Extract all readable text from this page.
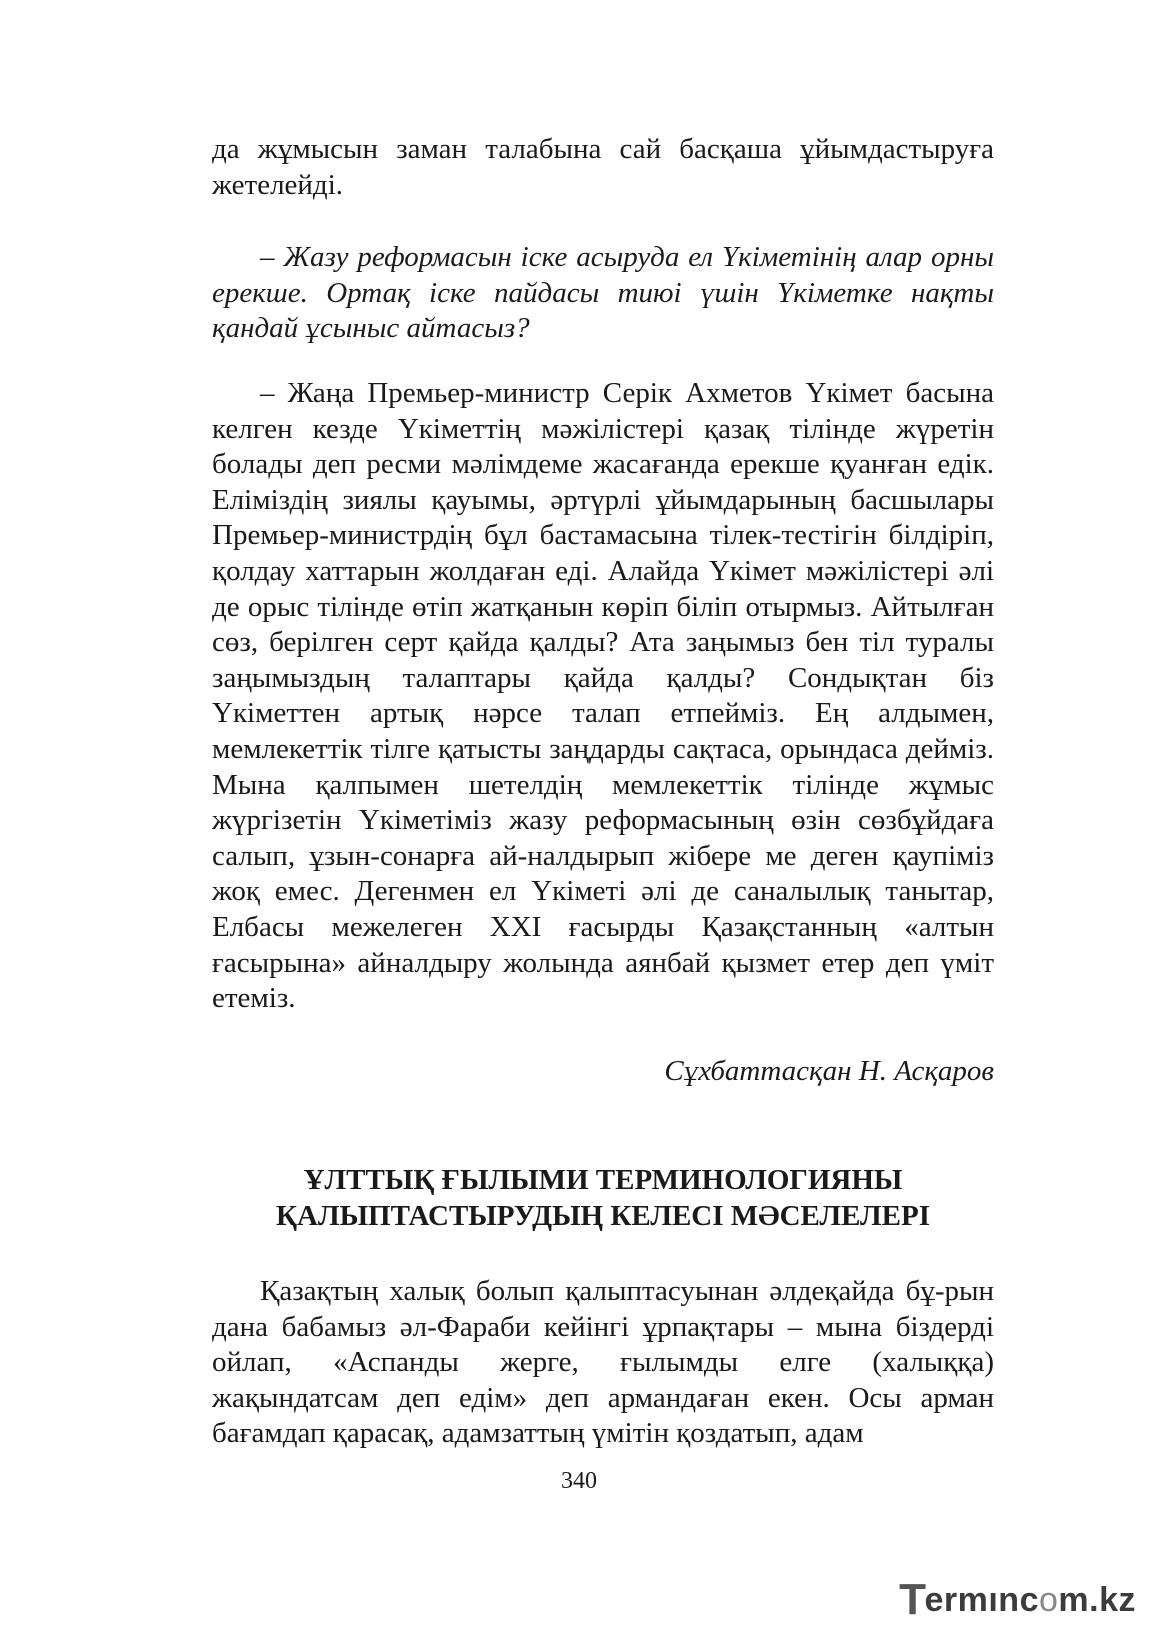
да жұмысын заман талабына сай басқаша ұйымдастыруға жетелейді.

– Жазу реформасын іске асыруда ел Үкіметінің алар орны ерекше. Ортақ іске пайдасы тиюі үшін Үкіметке нақты қандай ұсыныс айтасыз?

– Жаңа Премьер-министр Серік Ахметов Үкімет басына келген кезде Үкіметтің мәжілістері қазақ тілінде жүретін болады деп ресми мәлімдеме жасағанда ерекше қуанған едік. Еліміздің зиялы қауымы, әртүрлі ұйымдарының басшылары Премьер-министрдің бұл бастамасына тілек-тестігін білдіріп, қолдау хаттарын жолдаған еді. Алайда Үкімет мәжілістері әлі де орыс тілінде өтіп жатқанын көріп біліп отырмыз. Айтылған сөз, берілген серт қайда қалды? Ата заңымыз бен тіл туралы заңымыздың талаптары қайда қалды? Сондықтан біз Үкіметтен артық нәрсе талап етпейміз. Ең алдымен, мемлекеттік тілге қатысты заңдарды сақтаса, орындаса дейміз. Мына қалпымен шетелдің мемлекеттік тілінде жұмыс жүргізетін Үкіметіміз жазу реформасының өзін сөзбұйдаға салып, ұзын-сонарға ай-налдырып жібере ме деген қаупіміз жоқ емес. Дегенмен ел Үкіметі әлі де саналылық танытар, Елбасы межелеген XXI ғасырды Қазақстанның «алтын ғасырына» айналдыру жолында аянбай қызмет етер деп үміт етеміз.

Сұхбаттасқан Н. Асқаров
ҰЛТТЫҚ ҒЫЛЫМИ ТЕРМИНОЛОГИЯНЫ
ҚАЛЫПТАСТЫРУДЫҢ КЕЛЕСІ МӘСЕЛЕЛЕРІ

Қазақтың халық болып қалыптасуынан әлдеқайда бұ-рын дана бабамыз әл-Фараби кейінгі ұрпақтары – мына біздерді ойлап, «Аспанды жерге, ғылымды елге (халыққа) жақындатсам деп едім» деп армандаған екен. Осы арман бағамдап қарасақ, адамзаттың үмітін қоздатып, адам

340
T
ermınc o m.kz
